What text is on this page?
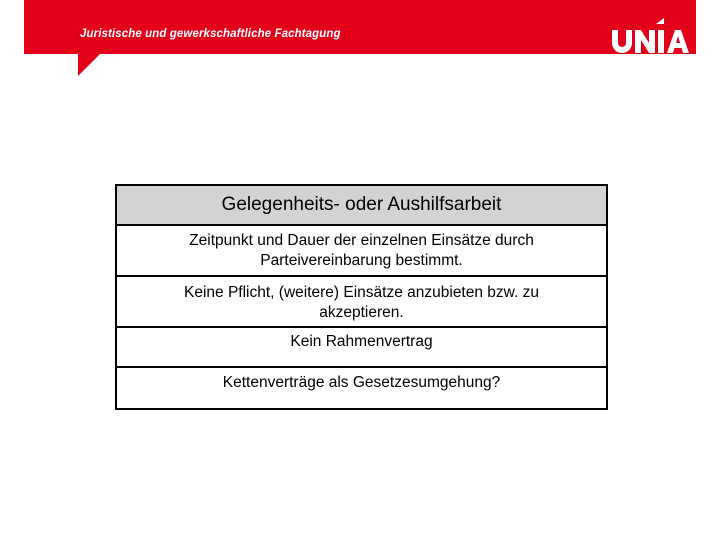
Juristische und gewerkschaftliche Fachtagung
Gelegenheits- oder Aushilfsarbeit
Zeitpunkt und Dauer der einzelnen Einsätze durch
Parteivereinbarung bestimmt.
Keine Pflicht, (weitere) Einsätze anzubieten bzw. zu
akzeptieren.
Kein Rahmenvertrag
Kettenverträge als Gesetzesumgehung?
